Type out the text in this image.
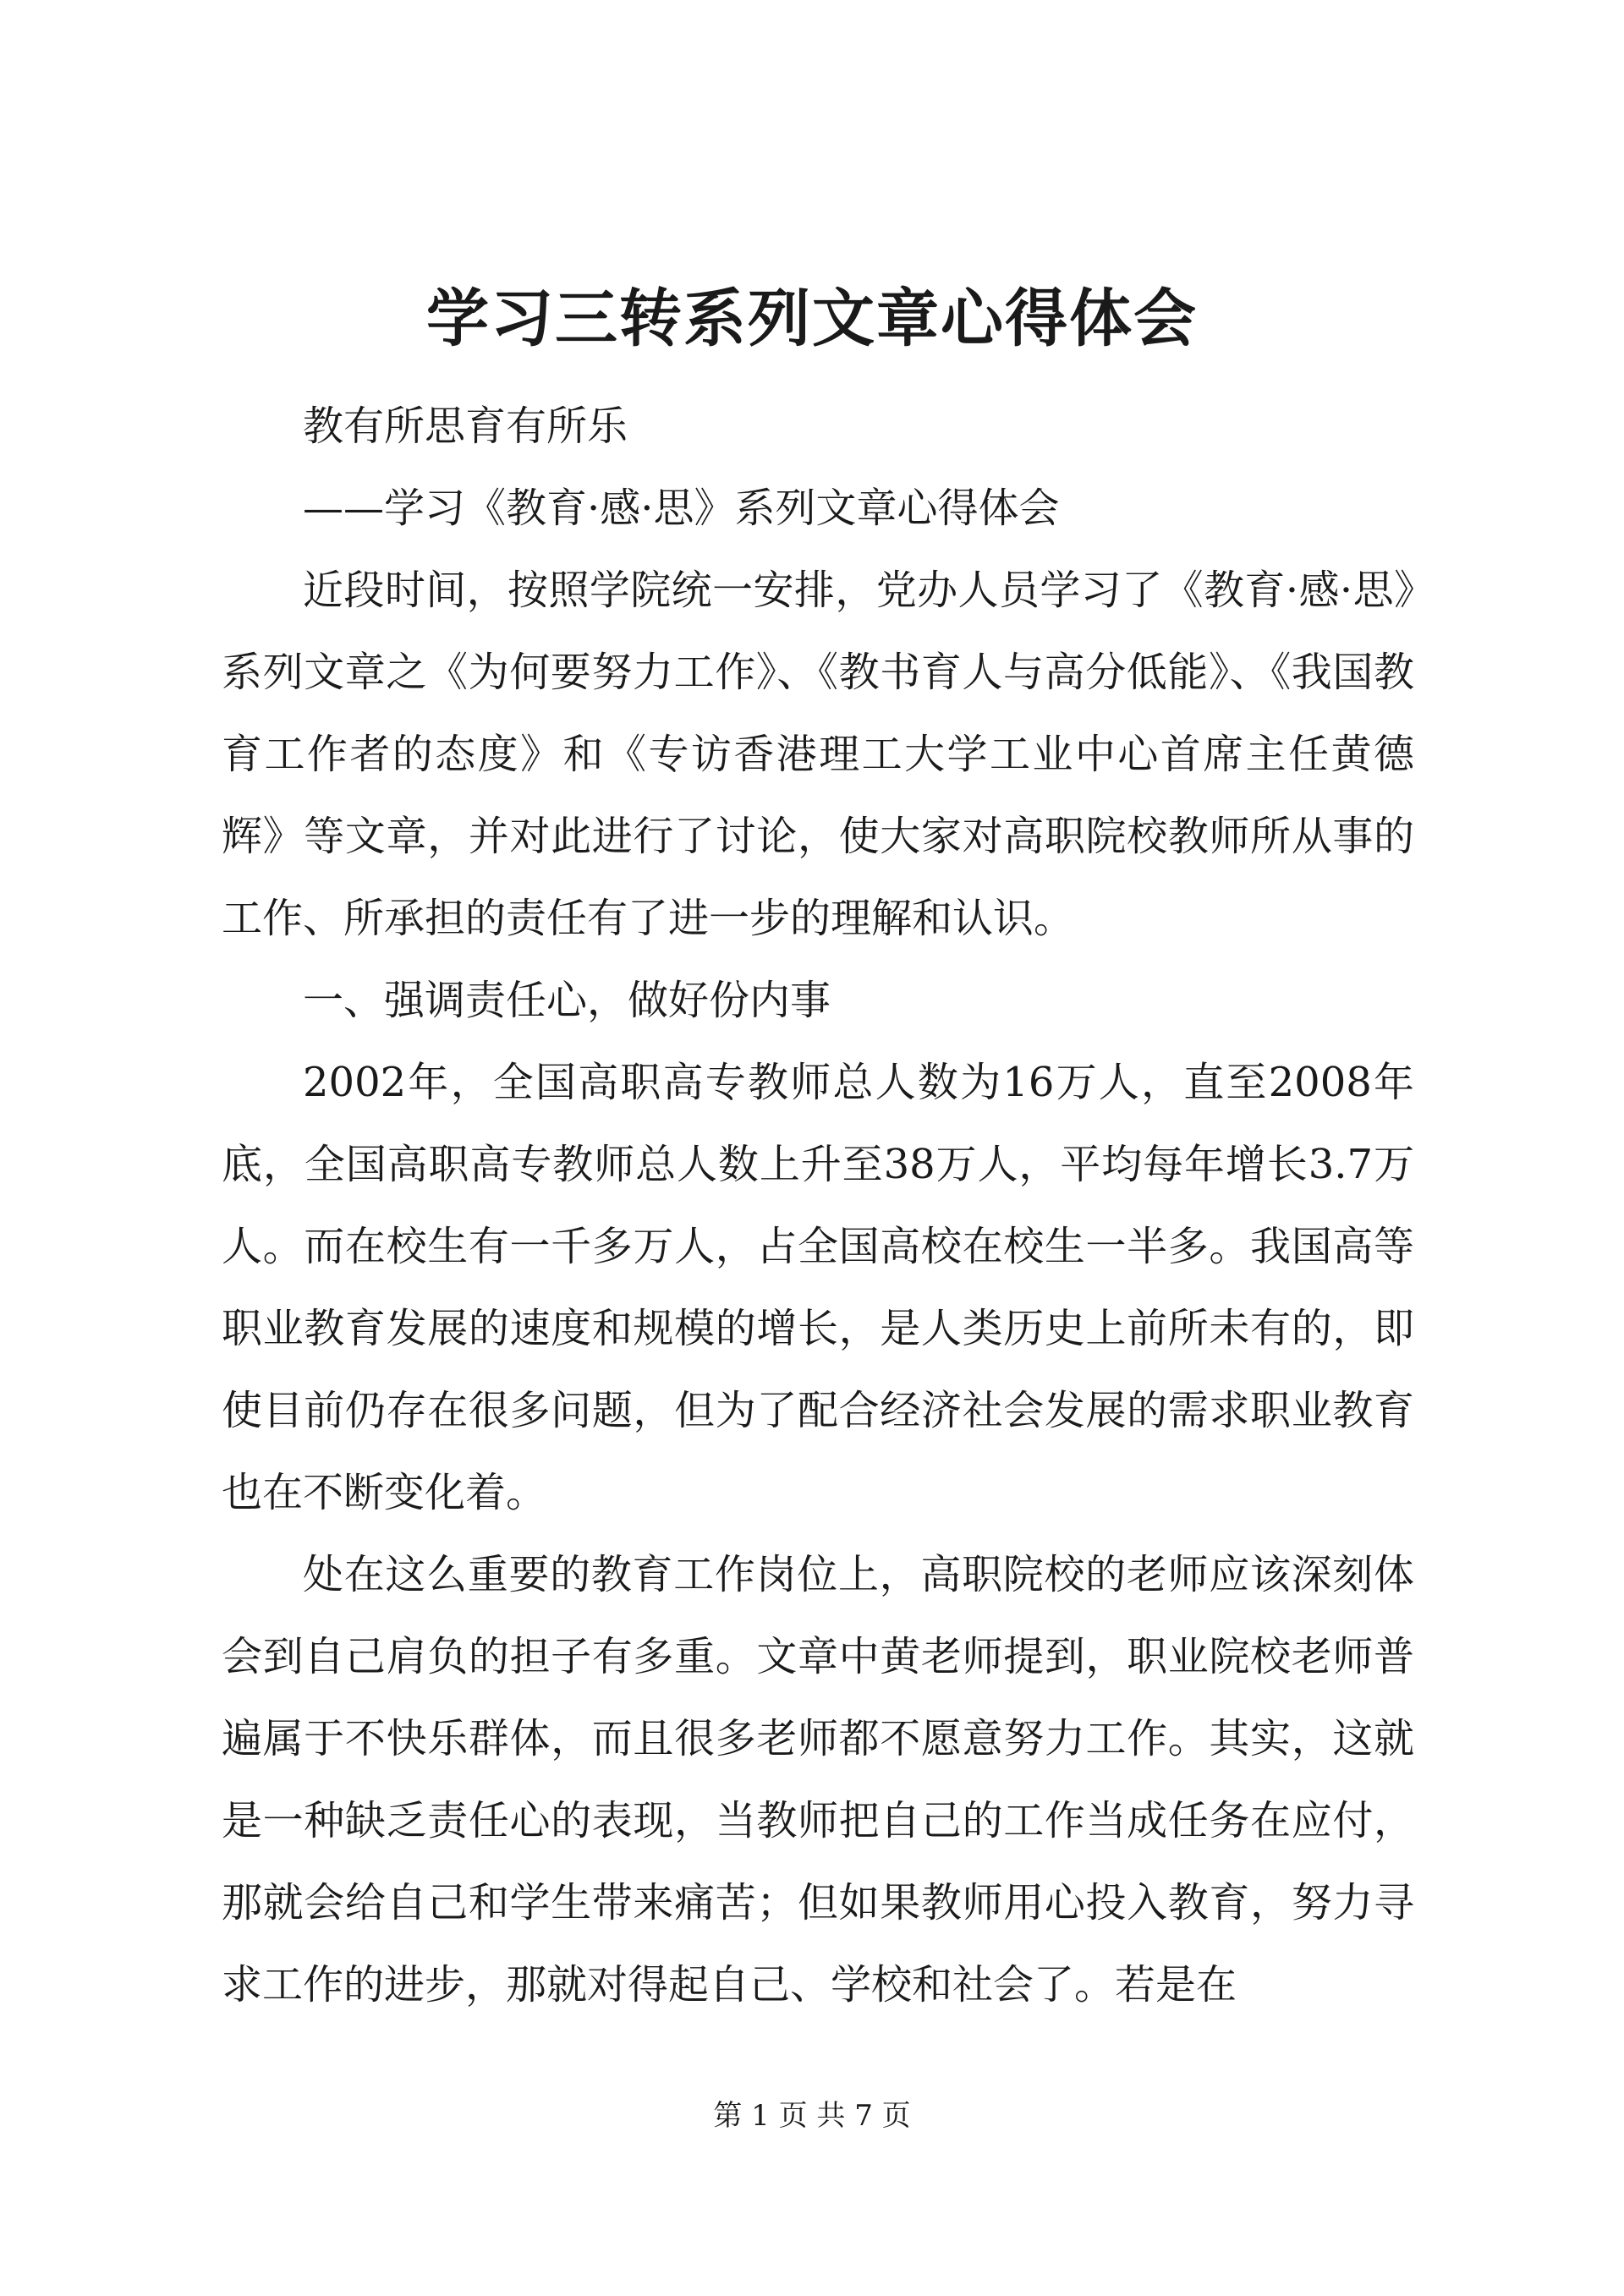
学习三转系列文章心得体会

教有所思育有所乐

——学习《教育·感·思》系列文章心得体会

近段时间，按照学院统一安排，党办人员学习了《教育·感·思》系列文章之《为何要努力工作》、《教书育人与高分低能》、《我国教育工作者的态度》和《专访香港理工大学工业中心首席主任黄德辉》等文章，并对此进行了讨论，使大家对高职院校教师所从事的工作、所承担的责任有了进一步的理解和认识。

一、强调责任心，做好份内事

2002年，全国高职高专教师总人数为16万人，直至2008年底，全国高职高专教师总人数上升至38万人，平均每年增长3.7万人。而在校生有一千多万人，占全国高校在校生一半多。我国高等职业教育发展的速度和规模的增长，是人类历史上前所未有的，即使目前仍存在很多问题，但为了配合经济社会发展的需求职业教育也在不断变化着。

处在这么重要的教育工作岗位上，高职院校的老师应该深刻体会到自己肩负的担子有多重。文章中黄老师提到，职业院校老师普遍属于不快乐群体，而且很多老师都不愿意努力工作。其实，这就是一种缺乏责任心的表现，当教师把自己的工作当成任务在应付，那就会给自己和学生带来痛苦；但如果教师用心投入教育，努力寻求工作的进步，那就对得起自己、学校和社会了。若是在

第 1 页 共 7 页
